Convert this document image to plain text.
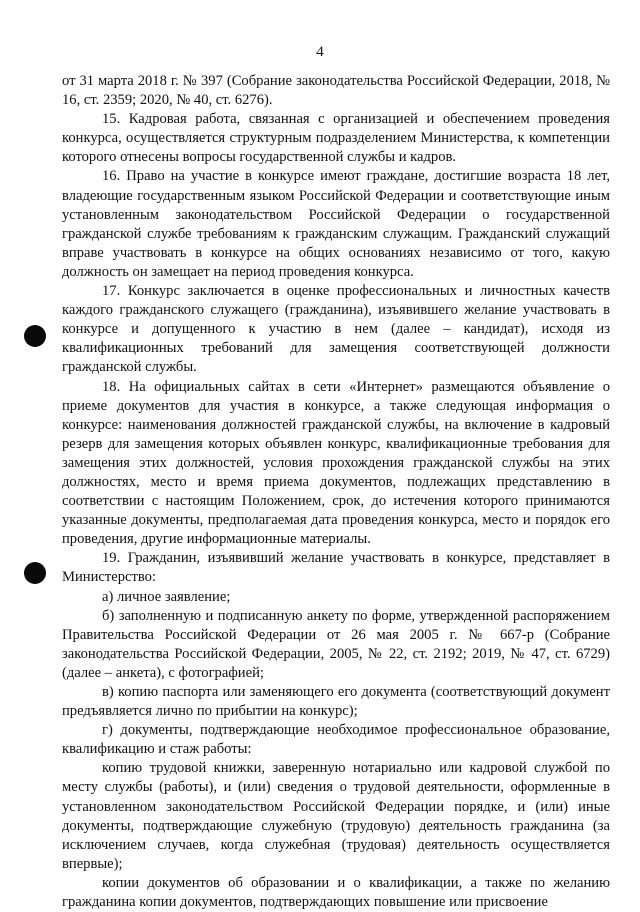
4

от 31 марта 2018 г. № 397 (Собрание законодательства Российской Федерации, 2018, № 16, ст. 2359; 2020, № 40, ст. 6276).

15. Кадровая работа, связанная с организацией и обеспечением проведения конкурса, осуществляется структурным подразделением Министерства, к компетенции которого отнесены вопросы государственной службы и кадров.

16. Право на участие в конкурсе имеют граждане, достигшие возраста 18 лет, владеющие государственным языком Российской Федерации и соответствующие иным установленным законодательством Российской Федерации о государственной гражданской службе требованиям к гражданским служащим. Гражданский служащий вправе участвовать в конкурсе на общих основаниях независимо от того, какую должность он замещает на период проведения конкурса.

17. Конкурс заключается в оценке профессиональных и личностных качеств каждого гражданского служащего (гражданина), изъявившего желание участвовать в конкурсе и допущенного к участию в нем (далее – кандидат), исходя из квалификационных требований для замещения соответствующей должности гражданской службы.

18. На официальных сайтах в сети «Интернет» размещаются объявление о приеме документов для участия в конкурсе, а также следующая информация о конкурсе: наименования должностей гражданской службы, на включение в кадровый резерв для замещения которых объявлен конкурс, квалификационные требования для замещения этих должностей, условия прохождения гражданской службы на этих должностях, место и время приема документов, подлежащих представлению в соответствии с настоящим Положением, срок, до истечения которого принимаются указанные документы, предполагаемая дата проведения конкурса, место и порядок его проведения, другие информационные материалы.

19. Гражданин, изъявивший желание участвовать в конкурсе, представляет в Министерство:

а) личное заявление;

б) заполненную и подписанную анкету по форме, утвержденной распоряжением Правительства Российской Федерации от 26 мая 2005 г. № 667-р (Собрание законодательства Российской Федерации, 2005, № 22, ст. 2192; 2019, № 47, ст. 6729) (далее – анкета), с фотографией;

в) копию паспорта или заменяющего его документа (соответствующий документ предъявляется лично по прибытии на конкурс);

г) документы, подтверждающие необходимое профессиональное образование, квалификацию и стаж работы:

копию трудовой книжки, заверенную нотариально или кадровой службой по месту службы (работы), и (или) сведения о трудовой деятельности, оформленные в установленном законодательством Российской Федерации порядке, и (или) иные документы, подтверждающие служебную (трудовую) деятельность гражданина (за исключением случаев, когда служебная (трудовая) деятельность осуществляется впервые);

копии документов об образовании и о квалификации, а также по желанию гражданина копии документов, подтверждающих повышение или присвоение
